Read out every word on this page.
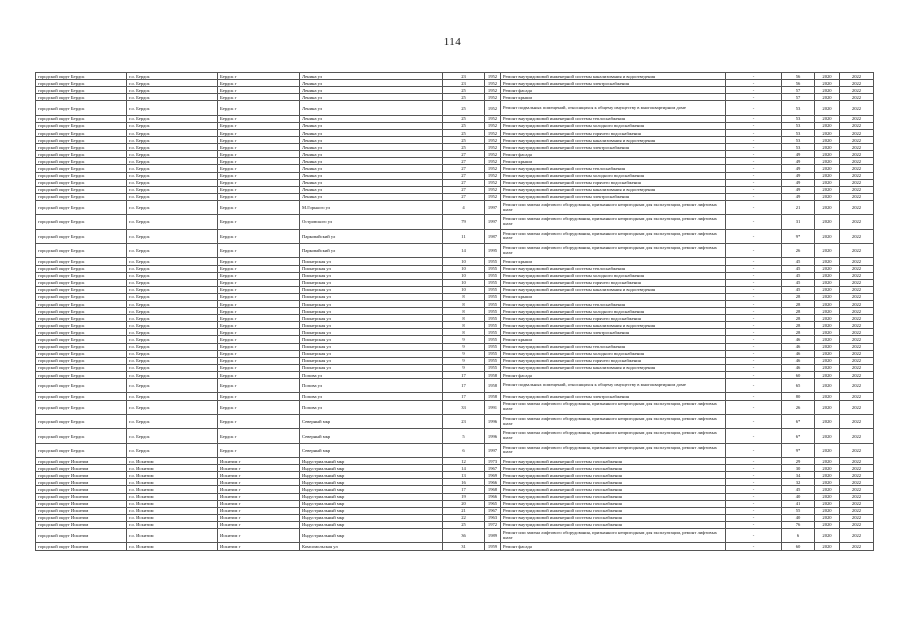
114
городской округ Бердск	г.о. Бердск	Бердск г	Ленина ул	23	1952	Ремонт внутридомовой инженерной системы канализования и водоотведения	-	56	2020	2022
городской округ Бердск	г.о. Бердск	Бердск г	Ленина ул	23	1952	Ремонт внутридомовой инженерной системы электроснабжения	-	56	2020	2022
городской округ Бердск	г.о. Бердск	Бердск г	Ленина ул	25	1952	Ремонт фасада	-	57	2020	2022
городской округ Бердск	г.о. Бердск	Бердск г	Ленина ул	25	1952	Ремонт крыши	-	57	2020	2022
городской округ Бердск	г.о. Бердск	Бердск г	Ленина ул	25	1952	Ремонт подвальных помещений, относящихся к общему имуществу в многоквартирном доме	-	53	2020	2022
городской округ Бердск	г.о. Бердск	Бердск г	Ленина ул	25	1952	Ремонт внутридомовой инженерной системы теплоснабжения	-	53	2020	2022
городской округ Бердск	г.о. Бердск	Бердск г	Ленина ул	25	1952	Ремонт внутридомовой инженерной системы холодного водоснабжения	-	53	2020	2022
городской округ Бердск	г.о. Бердск	Бердск г	Ленина ул	25	1952	Ремонт внутридомовой инженерной системы горячего водоснабжения	-	53	2020	2022
городской округ Бердск	г.о. Бердск	Бердск г	Ленина ул	25	1952	Ремонт внутридомовой инженерной системы канализования и водоотведения	-	53	2020	2022
городской округ Бердск	г.о. Бердск	Бердск г	Ленина ул	25	1952	Ремонт внутридомовой инженерной системы электроснабжения	-	53	2020	2022
городской округ Бердск	г.о. Бердск	Бердск г	Ленина ул	27	1952	Ремонт фасада	-	49	2020	2022
городской округ Бердск	г.о. Бердск	Бердск г	Ленина ул	27	1952	Ремонт крыши	-	49	2020	2022
городской округ Бердск	г.о. Бердск	Бердск г	Ленина ул	27	1952	Ремонт внутридомовой инженерной системы теплоснабжения	-	49	2020	2022
городской округ Бердск	г.о. Бердск	Бердск г	Ленина ул	27	1952	Ремонт внутридомовой инженерной системы холодного водоснабжения	-	49	2020	2022
городской округ Бердск	г.о. Бердск	Бердск г	Ленина ул	27	1952	Ремонт внутридомовой инженерной системы горячего водоснабжения	-	49	2020	2022
городской округ Бердск	г.о. Бердск	Бердск г	Ленина ул	27	1952	Ремонт внутридомовой инженерной системы канализования и водоотведения	-	49	2020	2022
городской округ Бердск	г.о. Бердск	Бердск г	Ленина ул	27	1952	Ремонт внутридомовой инженерной системы электроснабжения	-	49	2020	2022
городской округ Бердск	г.о. Бердск	Бердск г	М.Горького ул	4	1997	Ремонт или замена лифтового оборудования, признанного непригодным для эксплуатации, ремонт лифтовых шахт	-	21	2020	2022
городской округ Бердск	г.о. Бердск	Бердск г	Островского ул	79	1997	Ремонт или замена лифтового оборудования, признанного непригодным для эксплуатации, ремонт лифтовых шахт	-	31	2020	2022
городской округ Бердск	г.о. Бердск	Бердск г	Парковайский ул	11	1987	Ремонт или замена лифтового оборудования, признанного непригодным для эксплуатации, ремонт лифтовых шахт	-	9*	2020	2022
городской округ Бердск	г.о. Бердск	Бердск г	Парковайский ул	14	1995	Ремонт или замена лифтового оборудования, признанного непригодным для эксплуатации, ремонт лифтовых шахт	-	26	2020	2022
городской округ Бердск	г.о. Бердск	Бердск г	Пионерская ул	10	1955	Ремонт крыши	-	45	2020	2022
городской округ Бердск	г.о. Бердск	Бердск г	Пионерская ул	10	1955	Ремонт внутридомовой инженерной системы теплоснабжения	-	45	2020	2022
городской округ Бердск	г.о. Бердск	Бердск г	Пионерская ул	10	1955	Ремонт внутридомовой инженерной системы холодного водоснабжения	-	45	2020	2022
городской округ Бердск	г.о. Бердск	Бердск г	Пионерская ул	10	1955	Ремонт внутридомовой инженерной системы горячего водоснабжения	-	45	2020	2022
городской округ Бердск	г.о. Бердск	Бердск г	Пионерская ул	10	1955	Ремонт внутридомовой инженерной системы канализования и водоотведения	-	45	2020	2022
городской округ Бердск	г.о. Бердск	Бердск г	Пионерская ул	8	1955	Ремонт крыши	-	28	2020	2022
городской округ Бердск	г.о. Бердск	Бердск г	Пионерская ул	8	1955	Ремонт внутридомовой инженерной системы теплоснабжения	-	28	2020	2022
городской округ Бердск	г.о. Бердск	Бердск г	Пионерская ул	8	1955	Ремонт внутридомовой инженерной системы холодного водоснабжения	-	28	2020	2022
городской округ Бердск	г.о. Бердск	Бердск г	Пионерская ул	8	1955	Ремонт внутридомовой инженерной системы горячего водоснабжения	-	28	2020	2022
городской округ Бердск	г.о. Бердск	Бердск г	Пионерская ул	8	1955	Ремонт внутридомовой инженерной системы канализования и водоотведения	-	28	2020	2022
городской округ Бердск	г.о. Бердск	Бердск г	Пионерская ул	8	1955	Ремонт внутридомовой инженерной системы электроснабжения	-	28	2020	2022
городской округ Бердск	г.о. Бердск	Бердск г	Пионерская ул	9	1955	Ремонт крыши	-	46	2020	2022
городской округ Бердск	г.о. Бердск	Бердск г	Пионерская ул	9	1955	Ремонт внутридомовой инженерной системы теплоснабжения	-	46	2020	2022
городской округ Бердск	г.о. Бердск	Бердск г	Пионерская ул	9	1955	Ремонт внутридомовой инженерной системы холодного водоснабжения	-	46	2020	2022
городской округ Бердск	г.о. Бердск	Бердск г	Пионерская ул	9	1955	Ремонт внутридомовой инженерной системы горячего водоснабжения	-	46	2020	2022
городской округ Бердск	г.о. Бердск	Бердск г	Пионерская ул	9	1955	Ремонт внутридомовой инженерной системы канализования и водоотведения	-	46	2020	2022
городской округ Бердск	г.о. Бердск	Бердск г	Попова ул	17	1958	Ремонт фасада	-	60	2020	2022
городской округ Бердск	г.о. Бердск	Бердск г	Попова ул	17	1958	Ремонт подвальных помещений, относящихся к общему имуществу в многоквартирном доме	-	65	2020	2022
городской округ Бердск	г.о. Бердск	Бердск г	Попова ул	17	1958	Ремонт внутридомовой инженерной системы электроснабжения	-	80	2020	2022
городской округ Бердск	г.о. Бердск	Бердск г	Попова ул	33	1991	Ремонт или замена лифтового оборудования, признанного непригодным для эксплуатации, ремонт лифтовых шахт	-	26	2020	2022
городской округ Бердск	г.о. Бердск	Бердск г	Северный мкр	23	1996	Ремонт или замена лифтового оборудования, признанного непригодным для эксплуатации, ремонт лифтовых шахт	-	6*	2020	2022
городской округ Бердск	г.о. Бердск	Бердск г	Северный мкр	5	1996	Ремонт или замена лифтового оборудования, признанного непригодным для эксплуатации, ремонт лифтовых шахт	-	6*	2020	2022
городской округ Бердск	г.о. Бердск	Бердск г	Северный мкр	6	1997	Ремонт или замена лифтового оборудования, признанного непригодным для эксплуатации, ремонт лифтовых шахт	-	9*	2020	2022
городской округ Искитим	г.о. Искитим	Искитим г	Индустриальный мкр	12	1973	Ремонт внутридомовой инженерной системы газоснабжения	-	29	2020	2022
городской округ Искитим	г.о. Искитим	Искитим г	Индустриальный мкр	14	1967	Ремонт внутридомовой инженерной системы газоснабжения	-	30	2020	2022
городской округ Искитим	г.о. Искитим	Искитим г	Индустриальный мкр	13	1969	Ремонт внутридомовой инженерной системы газоснабжения	-	34	2020	2022
городской округ Искитим	г.о. Искитим	Искитим г	Индустриальный мкр	16	1966	Ремонт внутридомовой инженерной системы газоснабжения	-	32	2020	2022
городской округ Искитим	г.о. Искитим	Искитим г	Индустриальный мкр	17	1968	Ремонт внутридомовой инженерной системы газоснабжения	-	45	2020	2022
городской округ Искитим	г.о. Искитим	Искитим г	Индустриальный мкр	19	1966	Ремонт внутридомовой инженерной системы газоснабжения	-	40	2020	2022
городской округ Искитим	г.о. Искитим	Искитим г	Индустриальный мкр	20	1965	Ремонт внутридомовой инженерной системы газоснабжения	-	41	2020	2022
городской округ Искитим	г.о. Искитим	Искитим г	Индустриальный мкр	21	1967	Ремонт внутридомовой инженерной системы газоснабжения	-	55	2020	2022
городской округ Искитим	г.о. Искитим	Искитим г	Индустриальный мкр	22	1963	Ремонт внутридомовой инженерной системы газоснабжения	-	40	2020	2022
городской округ Искитим	г.о. Искитим	Искитим г	Индустриальный мкр	25	1972	Ремонт внутридомовой инженерной системы газоснабжения	-	76	2020	2022
городской округ Искитим	г.о. Искитим	Искитим г	Индустриальный мкр	36	1989	Ремонт или замена лифтового оборудования, признанного непригодным для эксплуатации, ремонт лифтовых шахт	-	6	2020	2022
городской округ Искитим	г.о. Искитим	Искитим г	Комсомольская ул	31	1959	Ремонт фасада	-	60	2020	2022
